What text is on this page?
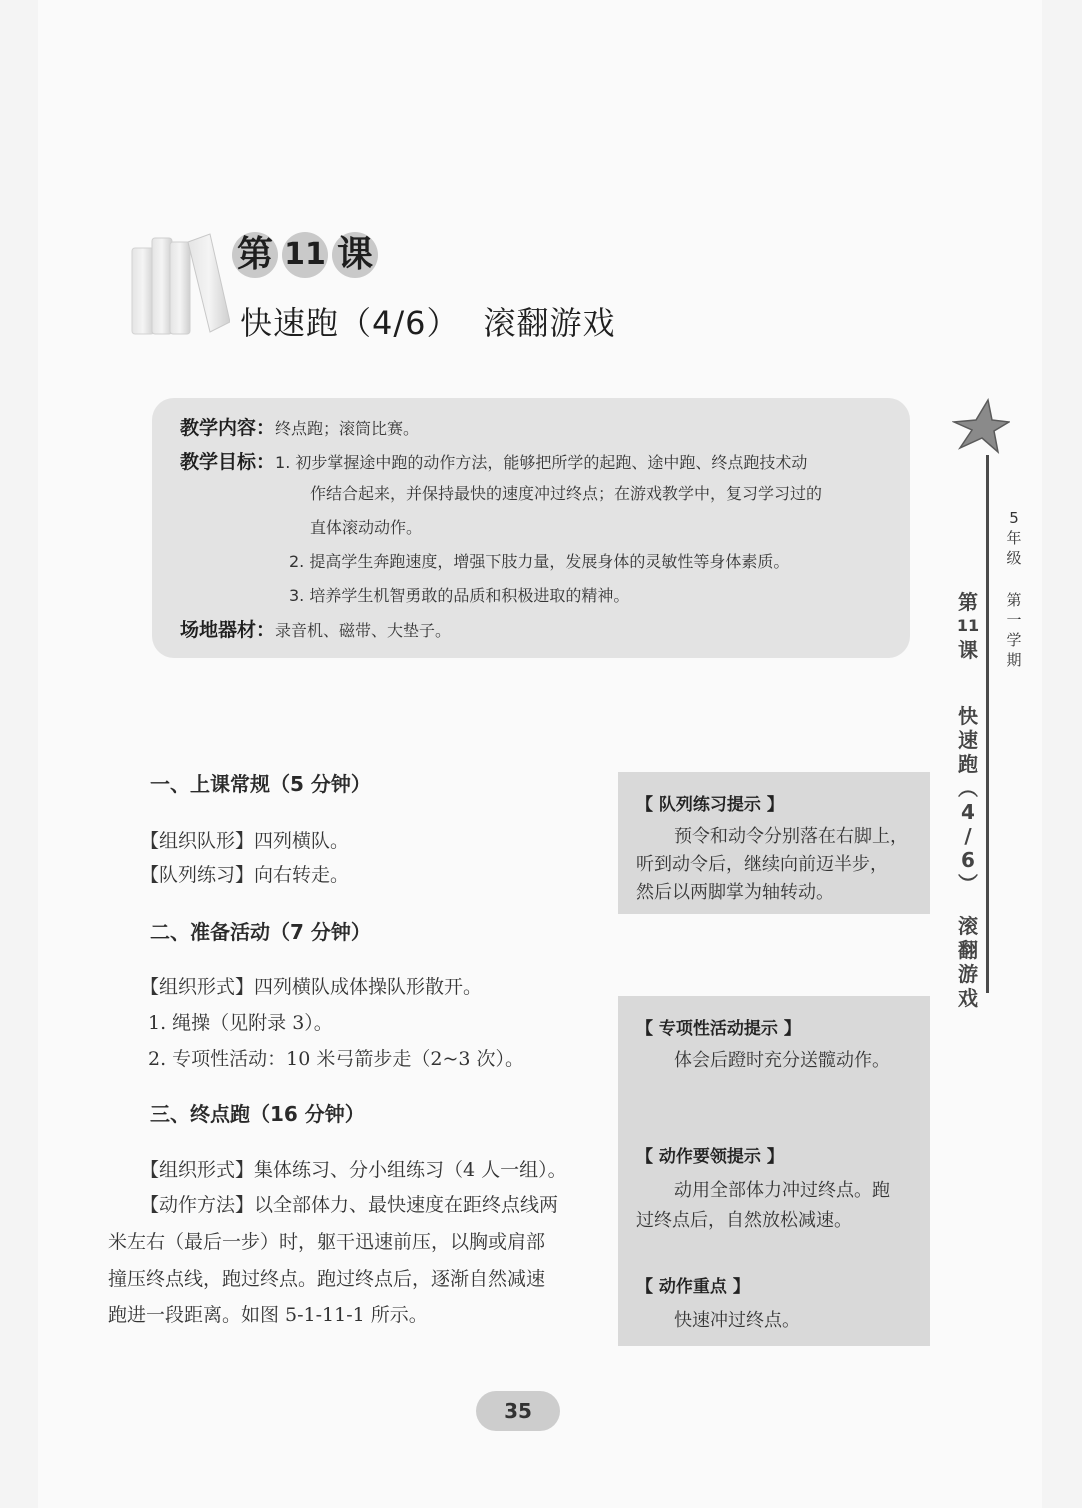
第 11 课
快速跑（4/6） 滚翻游戏
教学内容：终点跑；滚筒比赛。
教学目标：1. 初步掌握途中跑的动作方法，能够把所学的起跑、途中跑、终点跑技术动
作结合起来，并保持最快的速度冲过终点；在游戏教学中，复习学习过的
直体滚动动作。
2. 提高学生奔跑速度，增强下肢力量，发展身体的灵敏性等身体素质。
3. 培养学生机智勇敢的品质和积极进取的精神。
场地器材：录音机、磁带、大垫子。
5
年
级
第
一
学
期
第
11
课
快
速
跑
︵
4
/
6
︶
滚
翻
游
戏
一、上课常规（5 分钟）
【组织队形】四列横队。
【队列练习】向右转走。
二、准备活动（7 分钟）
【组织形式】四列横队成体操队形散开。
1. 绳操（见附录 3）。
2. 专项性活动：10 米弓箭步走（2~3 次）。
三、终点跑（16 分钟）
【组织形式】集体练习、分小组练习（4 人一组）。
【动作方法】以全部体力、最快速度在距终点线两
米左右（最后一步）时，躯干迅速前压，以胸或肩部
撞压终点线，跑过终点。跑过终点后，逐渐自然减速
跑进一段距离。如图 5-1-11-1 所示。
【 队列练习提示 】
预令和动令分别落在右脚上，
听到动令后，继续向前迈半步，
然后以两脚掌为轴转动。
【 专项性活动提示 】
体会后蹬时充分送髋动作。
【 动作要领提示 】
动用全部体力冲过终点。跑
过终点后，自然放松减速。
【 动作重点 】
快速冲过终点。
35
